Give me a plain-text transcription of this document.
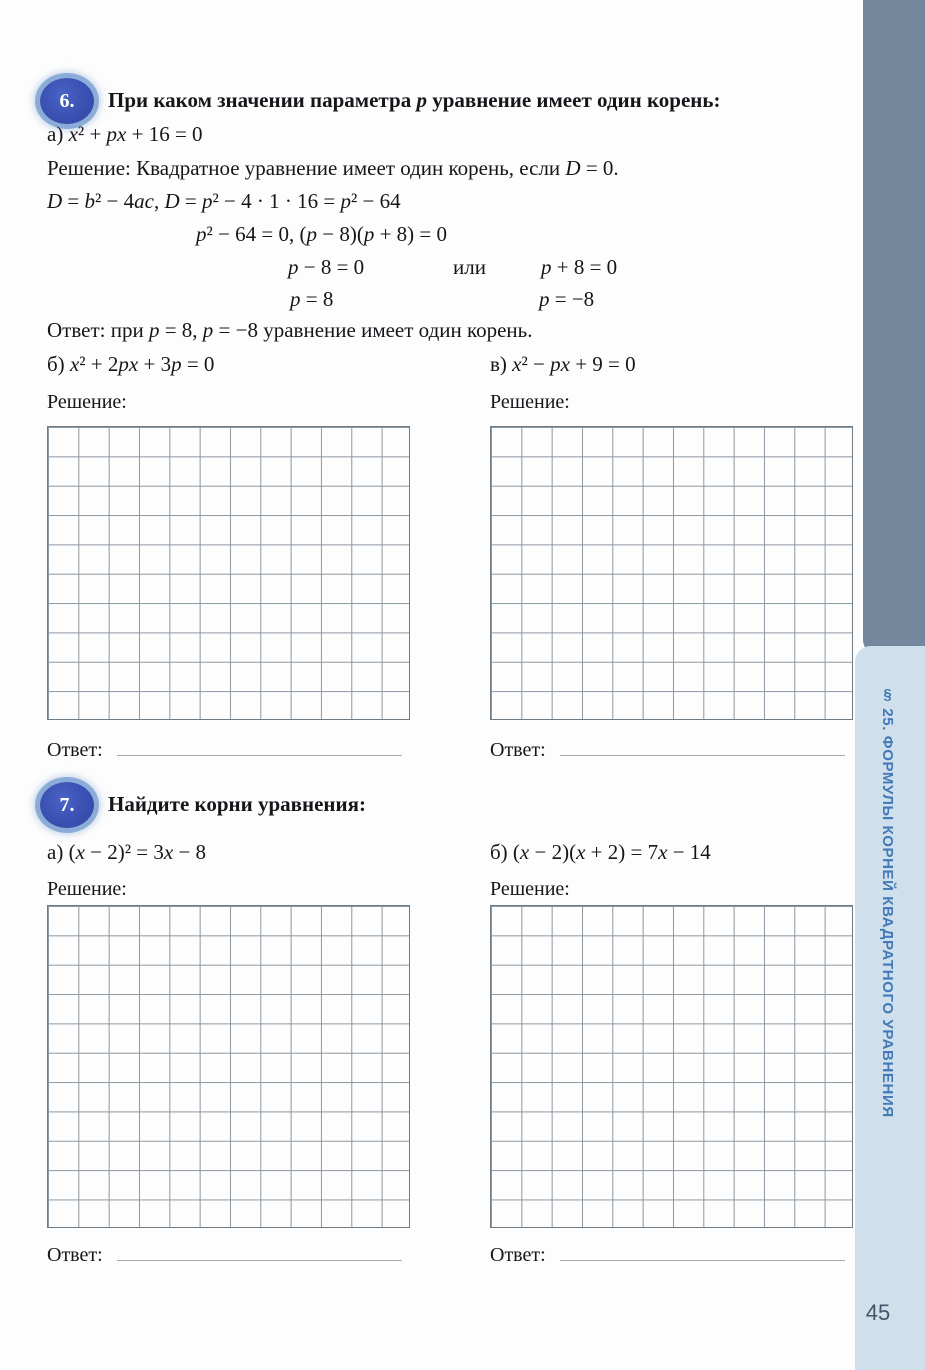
§ 25. ФОРМУЛЫ КОРНЕЙ КВАДРАТНОГО УРАВНЕНИЯ
45
6.	При каком значении параметра p уравнение имеет один корень:
а) x² + px + 16 = 0
Решение: Квадратное уравнение имеет один корень, если D = 0.
D = b² − 4ac, D = p² − 4 · 1 · 16 = p² − 64
p² − 64 = 0, (p − 8)(p + 8) = 0
p − 8 = 0	или	p + 8 = 0
p = 8	p = −8
Ответ: при p = 8, p = −8 уравнение имеет один корень.
б) x² + 2px + 3p = 0
Решение:
Ответ:
в) x² − px + 9 = 0
Решение:
Ответ:
7.	Найдите корни уравнения:
а) (x − 2)² = 3x − 8
Решение:
Ответ:
б) (x − 2)(x + 2) = 7x − 14
Решение:
Ответ:
